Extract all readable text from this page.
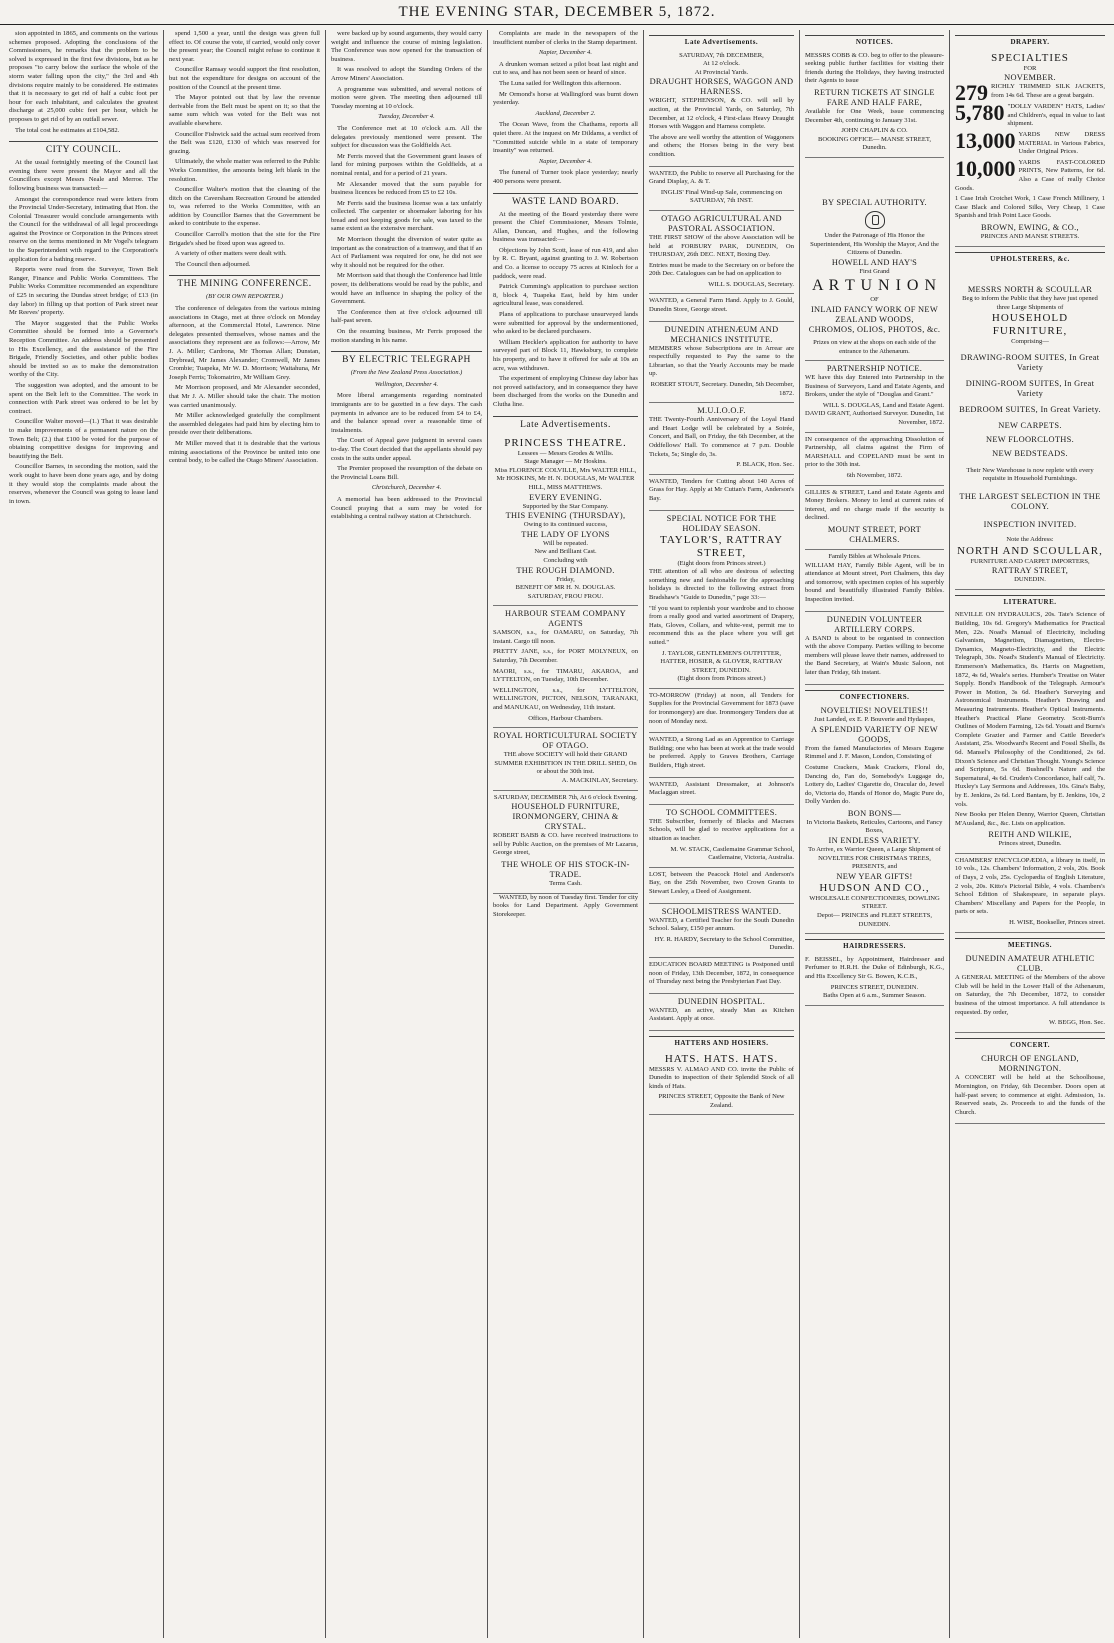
THE EVENING STAR, DECEMBER 5, 1872.

sion appointed in 1865, and comments on the various schemes proposed. Adopting the conclusions of the Commissioners, he remarks that the problem to be solved is expressed in the first few divisions, but as he proposes "to carry below the surface the whole of the storm water falling upon the city," the 3rd and 4th divisions require mainly to be considered. He estimates that it is necessary to get rid of half a cubic foot per hour for each inhabitant, and calculates the greatest discharge at 25,000 cubic feet per hour, which he proposes to get rid of by an outfall sewer.

The total cost he estimates at £104,582.

CITY COUNCIL.

At the usual fortnightly meeting of the Council last evening there were present the Mayor and all the Councillors except Messrs Neale and Merroe. The following business was transacted:—

Amongst the correspondence read were letters from the Provincial Under-Secretary, intimating that Hon. the Colonial Treasurer would conclude arrangements with the Council for the withdrawal of all legal proceedings against the Province or Corporation in the Princes street reserve on the terms mentioned in Mr Vogel's telegram to the Superintendent with regard to the Corporation's application for a bathing reserve.

Reports were read from the Surveyor, Town Belt Ranger, Finance and Public Works Committees. The Public Works Committee recommended an expenditure of £25 in securing the Dundas street bridge; of £13 (in day labor) in filling up that portion of Park street near Mr Reeves' property.

The Mayor suggested that the Public Works Committee should be formed into a Governor's Reception Committee. An address should be presented to His Excellency, and the assistance of the Fire Brigade, Friendly Societies, and other public bodies should be invited so as to make the demonstration worthy of the City.

The suggestion was adopted, and the amount to be spent on the Belt left to the Committee. The work in connection with Park street was ordered to be let by contract.

Councillor Walter moved—(1.) That it was desirable to make improvements of a permanent nature on the Town Belt; (2.) that £100 be voted for the purpose of obtaining competitive designs for improving and beautifying the Belt.

Councillor Barnes, in seconding the motion, said the work ought to have been done years ago, and by doing it they would stop the complaints made about the reserves, whenever the Council was going to lease land in town.

spend 1,500 a year, until the design was given full effect to. Of course the vote, if carried, would only cover the present year; the Council might refuse to continue it next year.

Councillor Ramsay would support the first resolution, but not the expenditure for designs on account of the position of the Council at the present time.

The Mayor pointed out that by law the revenue derivable from the Belt must be spent on it; so that the same sum which was voted for the Belt was not available elsewhere.

Councillor Fishwick said the actual sum received from the Belt was £120, £130 of which was reserved for grazing.

Ultimately, the whole matter was referred to the Public Works Committee, the amounts being left blank in the resolution.

Councillor Walter's motion that the cleaning of the ditch on the Caversham Recreation Ground be attended to, was referred to the Works Committee, with an addition by Councillor Barnes that the Government be asked to contribute to the expense.

Councillor Carroll's motion that the site for the Fire Brigade's shed be fixed upon was agreed to.

A variety of other matters were dealt with.

The Council then adjourned.

THE MINING CONFERENCE.
(BY OUR OWN REPORTER.)

The conference of delegates from the various mining associations in Otago, met at three o'clock on Monday afternoon, at the Commercial Hotel, Lawrence. Nine delegates presented themselves, whose names and the associations they represent are as follows:—Arrow, Mr J. A. Miller; Cardrona, Mr Thomas Allan; Dunstan, Drybread, Mr James Alexander; Cromwell, Mr James Crombie; Tuapeka, Mr W. D. Morrison; Waitahuna, Mr Joseph Ferris; Tokomairiro, Mr William Grey.

Mr Morrison proposed, and Mr Alexander seconded, that Mr J. A. Miller should take the chair. The motion was carried unanimously.

Mr Miller acknowledged gratefully the compliment the assembled delegates had paid him by electing him to preside over their deliberations.

Mr Miller moved that it is desirable that the various mining associations of the Province be united into one central body, to be called the Otago Miners' Association.

were backed up by sound arguments, they would carry weight and influence the course of mining legislation. The Conference was now opened for the transaction of business.

It was resolved to adopt the Standing Orders of the Arrow Miners' Association.

A programme was submitted, and several notices of motion were given. The meeting then adjourned till Tuesday morning at 10 o'clock.

Tuesday, December 4.

The Conference met at 10 o'clock a.m. All the delegates previously mentioned were present. The subject for discussion was the Goldfields Act.

Mr Ferris moved that the Government grant leases of land for mining purposes within the Goldfields, at a nominal rental, and for a period of 21 years.

Mr Alexander moved that the sum payable for business licences be reduced from £5 to £2 10s.

Mr Ferris said the business license was a tax unfairly collected. The carpenter or shoemaker laboring for his bread and not keeping goods for sale, was taxed to the same extent as the extensive merchant.

Mr Morrison thought the diversion of water quite as important as the construction of a tramway, and that if an Act of Parliament was required for one, he did not see why it should not be required for the other.

Mr Morrison said that though the Conference had little power, its deliberations would be read by the public, and would have an influence in shaping the policy of the Government.

The Conference then at five o'clock adjourned till half-past seven.

On the resuming business, Mr Ferris proposed the motion standing in his name.

BY ELECTRIC TELEGRAPH
(From the New Zealand Press Association.)
Wellington, December 4.

More liberal arrangements regarding nominated immigrants are to be gazetted in a few days. The cash payments in advance are to be reduced from £4 to £4, and the balance spread over a reasonable time of instalments.

The Court of Appeal gave judgment in several cases to-day. The Court decided that the appellants should pay costs in the suits under appeal.

The Premier proposed the resumption of the debate on the Provincial Loans Bill.

Christchurch, December 4.

A memorial has been addressed to the Provincial Council praying that a sum may be voted for establishing a central railway station at Christchurch.

Complaints are made in the newspapers of the insufficient number of clerks in the Stamp department.

Napier, December 4.

A drunken woman seized a pilot boat last night and cut to sea, and has not been seen or heard of since.

The Luna sailed for Wellington this afternoon.

Mr Ormond's horse at Wallingford was burnt down yesterday.

Auckland, December 2.

The Ocean Wave, from the Chathams, reports all quiet there. At the inquest on Mr Dildams, a verdict of "Committed suicide while in a state of temporary insanity" was returned.

Napier, December 4.

The funeral of Turner took place yesterday; nearly 400 persons were present.

WASTE LAND BOARD.

At the meeting of the Board yesterday there were present the Chief Commissioner, Messrs Tolmie, Allan, Duncan, and Hughes, and the following business was transacted:—

Objections by John Scott, lease of run 419, and also by R. C. Bryant, against granting to J. W. Robertson and Co. a license to occupy 75 acres at Kinloch for a paddock, were read.

Patrick Cumming's application to purchase section 8, block 4, Tuapeka East, held by him under agricultural lease, was considered.

Plans of applications to purchase unsurveyed lands were submitted for approval by the undermentioned, who asked to be declared purchasers.

William Heckler's application for authority to have surveyed part of Block 11, Hawksbury, to complete his property, and to have it offered for sale at 10s an acre, was withdrawn.

The experiment of employing Chinese day labor has not proved satisfactory, and in consequence they have been discharged from the works on the Dunedin and Clutha line.

Late Advertisements.
PRINCESS THEATRE.
Lessees — Messrs Grodes & Willis.
Stage Manager — Mr Hoskins.
Miss FLORENCE COLVILLE, Mrs WALTER HILL, Mr HOSKINS, Mr H. N. DOUGLAS, Mr WALTER HILL, MISS MATTHEWS.
EVERY EVENING.
Supported by the Star Company.
THIS EVENING (THURSDAY),
Owing to its continued success,
THE LADY OF LYONS
Will be repeated.
New and Brilliant Cast.
Concluding with
THE ROUGH DIAMOND.
Friday,
BENEFIT OF MR H. N. DOUGLAS.
SATURDAY, FROU FROU.
HARBOUR STEAM COMPANY AGENTS

SAMSON, s.s., for OAMARU, on Saturday, 7th instant. Cargo till noon.

PRETTY JANE, s.s., for PORT MOLYNEUX, on Saturday, 7th December.

MAORI, s.s., for TIMARU, AKAROA, and LYTTELTON, on Tuesday, 10th December.

WELLINGTON, s.s., for LYTTELTON, WELLINGTON, PICTON, NELSON, TARANAKI, and MANUKAU, on Wednesday, 11th instant.

Offices, Harbour Chambers.
ROYAL HORTICULTURAL SOCIETY OF OTAGO.
THE above SOCIETY will hold their GRAND SUMMER EXHIBITION IN THE DRILL SHED, On or about the 30th inst.
A. MACKINLAY, Secretary.
SATURDAY, DECEMBER 7th, At 6 o'clock Evening.
HOUSEHOLD FURNITURE, IRONMONGERY, CHINA & CRYSTAL.

ROBERT BABB & CO. have received instructions to sell by Public Auction, on the premises of Mr Lazarus, George street,

THE WHOLE OF HIS STOCK-IN-TRADE.
Terms Cash.

WANTED, by noon of Tuesday first. Tender for city books for Land Department. Apply Government Storekeeper.

Late Advertisements.
SATURDAY, 7th DECEMBER,
At 12 o'clock.
At Provincial Yards.
DRAUGHT HORSES, WAGGON AND HARNESS.

WRIGHT, STEPHENSON, & CO. will sell by auction, at the Provincial Yards, on Saturday, 7th December, at 12 o'clock, 4 First-class Heavy Draught Horses with Waggon and Harness complete.

The above are well worthy the attention of Waggoners and others; the Horses being in the very best condition.

WANTED, the Public to reserve all Purchasing for the Grand Display, A. & T.

INGLIS' Final Wind-up Sale, commencing on SATURDAY, 7th INST.
OTAGO AGRICULTURAL AND PASTORAL ASSOCIATION.

THE FIRST SHOW of the above Association will be held at FORBURY PARK, DUNEDIN, On THURSDAY, 26th DEC. NEXT, Boxing Day.

Entries must be made to the Secretary on or before the 20th Dec. Catalogues can be had on application to

WILL S. DOUGLAS, Secretary.

WANTED, a General Farm Hand. Apply to J. Gould, Dunedin Store, George street.

DUNEDIN ATHENÆUM AND MECHANICS INSTITUTE.

MEMBERS whose Subscriptions are in Arrear are respectfully requested to Pay the same to the Librarian, so that the Yearly Accounts may be made up.

ROBERT STOUT, Secretary. Dunedin, 5th December, 1872.
M.U.I.O.O.F.

THE Twenty-Fourth Anniversary of the Loyal Hand and Heart Lodge will be celebrated by a Soirée, Concert, and Ball, on Friday, the 6th December, at the Oddfellows' Hall. To commence at 7 p.m. Double Tickets, 5s; Single do, 3s.

P. BLACK, Hon. Sec.

WANTED, Tenders for Cutting about 140 Acres of Grass for Hay. Apply at Mr Cuttan's Farm, Anderson's Bay.

SPECIAL NOTICE FOR THE HOLIDAY SEASON.
TAYLOR'S, RATTRAY STREET,
(Eight doors from Princes street.)

THE attention of all who are desirous of selecting something new and fashionable for the approaching holidays is directed to the following extract from Bradshaw's "Guide to Dunedin," page 33:—

"If you want to replenish your wardrobe and to choose from a really good and varied assortment of Drapery, Hats, Gloves, Collars, and white-vest, permit me to recommend this as the place where you will get suited."

J. TAYLOR, GENTLEMEN'S OUTFITTER, HATTER, HOSIER, & GLOVER, RATTRAY STREET, DUNEDIN.
(Eight doors from Princes street.)

TO-MORROW (Friday) at noon, all Tenders for Supplies for the Provincial Government for 1873 (save for ironmongery) are due. Ironmongery Tenders due at noon of Monday next.

WANTED, a Strong Lad as an Apprentice to Carriage Building; one who has been at work at the trade would be preferred. Apply to Graves Brothers, Carriage Builders, High street.

WANTED, Assistant Dressmaker, at Johnson's Maclaggan street.

TO SCHOOL COMMITTEES.

THE Subscriber, formerly of Blacks and Macraes Schools, will be glad to receive applications for a situation as teacher.

M. W. STACK, Castlemaine Grammar School, Castlemaine, Victoria, Australia.

LOST, between the Peacock Hotel and Anderson's Bay, on the 25th November, two Crown Grants to Stewart Lesley, a Deed of Assignment.

SCHOOLMISTRESS WANTED.

WANTED, a Certified Teacher for the South Dunedin School. Salary, £150 per annum.

HY. R. HARDY, Secretary to the School Committee, Dunedin.

EDUCATION BOARD MEETING is Postponed until noon of Friday, 13th December, 1872, in consequence of Thursday next being the Presbyterian Fast Day.

DUNEDIN HOSPITAL.

WANTED, an active, steady Man as Kitchen Assistant. Apply at once.

HATTERS AND HOSIERS.
HATS. HATS. HATS.

MESSRS V. ALMAO AND CO. invite the Public of Dunedin to inspection of their Splendid Stock of all kinds of Hats.

PRINCES STREET, Opposite the Bank of New Zealand.
NOTICES.

MESSRS COBB & CO. beg to offer to the pleasure-seeking public further facilities for visiting their friends during the Holidays, they having instructed their Agents to issue

RETURN TICKETS AT SINGLE FARE AND HALF FARE,

Available for One Week, issue commencing December 4th, continuing to January 31st.

JOHN CHAPLIN & CO.
BOOKING OFFICE— MANSE STREET, Dunedin.
BY SPECIAL AUTHORITY.
Under the Patronage of His Honor the Superintendent, His Worship the Mayor, And the Citizens of Dunedin.
HOWELL AND HAY'S
First Grand
A R T U N I O N
OF
INLAID FANCY WORK OF NEW ZEALAND WOODS,
CHROMOS, OLIOS, PHOTOS, &c.
Prizes on view at the shops on each side of the entrance to the Athenæum.
PARTNERSHIP NOTICE.

WE have this day Entered into Partnership in the Business of Surveyors, Land and Estate Agents, and Brokers, under the style of "Douglas and Grant."

WILL S. DOUGLAS, Land and Estate Agent. DAVID GRANT, Authorised Surveyor. Dunedin, 1st November, 1872.

IN consequence of the approaching Dissolution of Partnership, all claims against the Firm of MARSHALL and COPELAND must be sent in prior to the 30th inst.

6th November, 1872.

GILLIES & STREET, Land and Estate Agents and Money Brokers. Money to lend at current rates of interest, and no charge made if the security is declined.

MOUNT STREET, PORT CHALMERS.
Family Bibles at Wholesale Prices.

WILLIAM HAY, Family Bible Agent, will be in attendance at Mount street, Port Chalmers, this day and tomorrow, with specimen copies of his superbly bound and beautifully illustrated Family Bibles. Inspection invited.

DUNEDIN VOLUNTEER ARTILLERY CORPS.

A BAND is about to be organised in connection with the above Company. Parties willing to become members will please leave their names, addressed to the Band Secretary, at Wain's Music Saloon, not later than Friday, 6th instant.

CONFECTIONERS.
NOVELTIES! NOVELTIES!!
Just Landed, ex E. P. Bouverie and Hydaspes,
A SPLENDID VARIETY OF NEW GOODS,

From the famed Manufactories of Messrs Eugene Rimmel and J. F. Mason, London, Consisting of

Costume Crackers, Mask Crackers, Floral do, Dancing do, Fan do, Somebody's Luggage do, Lottery do, Ladies' Cigarette do, Oracular do, Jewel do, Victoria do, Hands of Honor do, Magic Pure do, Dolly Varden do.

BON BONS—
In Victoria Baskets, Reticules, Cartoons, and Fancy Boxes,
IN ENDLESS VARIETY.
To Arrive, ex Warrior Queen, a Large Shipment of
NOVELTIES FOR CHRISTMAS TREES, PRESENTS, and
NEW YEAR GIFTS!
HUDSON AND CO.,
WHOLESALE CONFECTIONERS, DOWLING STREET.
Depot— PRINCES and FLEET STREETS, DUNEDIN.
HAIRDRESSERS.

F. BEISSEL, by Appointment, Hairdresser and Perfumer to H.R.H. the Duke of Edinburgh, K.G., and His Excellency Sir G. Bowen, K.C.B.,

PRINCES STREET, DUNEDIN.
Baths Open at 6 a.m., Summer Season.
DRAPERY.
SPECIALTIES
FOR
NOVEMBER.
279 RICHLY TRIMMED SILK JACKETS, from 14s 6d. These are a great bargain.

5,780 "DOLLY VARDEN" HATS, Ladies' and Children's, equal in value to last shipment.

13,000 YARDS NEW DRESS MATERIAL in Various Fabrics, Under Original Prices.

10,000 YARDS FAST-COLORED PRINTS, New Patterns, for 6d. Also a Case of really Choice Goods.

1 Case Irish Crotchet Work, 1 Case French Millinery, 1 Case Black and Colored Silks, Very Cheap, 1 Case Spanish and Irish Point Lace Goods.

BROWN, EWING, & CO.,
PRINCES AND MANSE STREETS.
UPHOLSTERERS, &c.
MESSRS NORTH & SCOULLAR
Beg to inform the Public that they have just opened three Large Shipments of
HOUSEHOLD FURNITURE,
Comprising—
DRAWING-ROOM SUITES, In Great Variety
DINING-ROOM SUITES, In Great Variety
BEDROOM SUITES, In Great Variety.
NEW CARPETS.
NEW FLOORCLOTHS.
NEW BEDSTEADS.
Their New Warehouse is now replete with every requisite in Household Furnishings.
THE LARGEST SELECTION IN THE COLONY.
INSPECTION INVITED.
Note the Address:
NORTH AND SCOULLAR,
FURNITURE AND CARPET IMPORTERS,
RATTRAY STREET,
DUNEDIN.
LITERATURE.

NEVILLE ON HYDRAULICS, 20s. Tate's Science of Building, 10s 6d. Gregory's Mathematics for Practical Men, 22s. Noad's Manual of Electricity, including Galvanism, Magnetism, Diamagnetism, Electro-Dynamics, Magneto-Electricity, and the Electric Telegraph, 30s. Noad's Student's Manual of Electricity. Emmerson's Mathematics, 8s. Harris on Magnetism, 1872, 4s 6d, Weale's series. Humber's Treatise on Water Supply. Bond's Handbook of the Telegraph. Armour's Power in Motion, 3s 6d. Heather's Surveying and Astronomical Instruments. Heather's Drawing and Measuring Instruments. Heather's Optical Instruments. Heather's Practical Plane Geometry. Scott-Burn's Outlines of Modern Farming, 12s 6d. Youatt and Burns's Complete Grazier and Farmer and Cattle Breeder's Assistant, 25s. Woodward's Recent and Fossil Shells, 8s 6d. Mansel's Philosophy of the Conditioned, 2s 6d. Dixon's Science and Christian Thought. Young's Science and Scripture, 5s 6d. Bushnell's Nature and the Supernatural, 4s 6d. Cruden's Concordance, half calf, 7s. Huxley's Lay Sermons and Addresses, 10s. Gina's Baby, by E. Jenkins, 2s 6d. Lord Bantam, by E. Jenkins, 10s, 2 vols.

New Books per Helen Denny, Warrior Queen, Christian M'Ausland, &c., &c. Lists on application.

REITH AND WILKIE,
Princes street, Dunedin.

CHAMBERS' ENCYCLOPÆDIA, a library in itself, in 10 vols., 12s. Chambers' Information, 2 vols, 20s. Book of Days, 2 vols, 25s. Cyclopædia of English Literature, 2 vols, 20s. Kitto's Pictorial Bible, 4 vols. Chambers's School Edition of Shakespeare, in separate plays. Chambers' Miscellany and Papers for the People, in parts or sets.

H. WISE, Bookseller, Princes street.
MEETINGS.
DUNEDIN AMATEUR ATHLETIC CLUB.

A GENERAL MEETING of the Members of the above Club will be held in the Lower Hall of the Athenæum, on Saturday, the 7th December, 1872, to consider business of the utmost importance. A full attendance is requested. By order,

W. BEGG, Hon. Sec.
CONCERT.
CHURCH OF ENGLAND, MORNINGTON.

A CONCERT will be held at the Schoolhouse, Mornington, on Friday, 6th December. Doors open at half-past seven; to commence at eight. Admission, 1s. Reserved seats, 2s. Proceeds to aid the funds of the Church.
